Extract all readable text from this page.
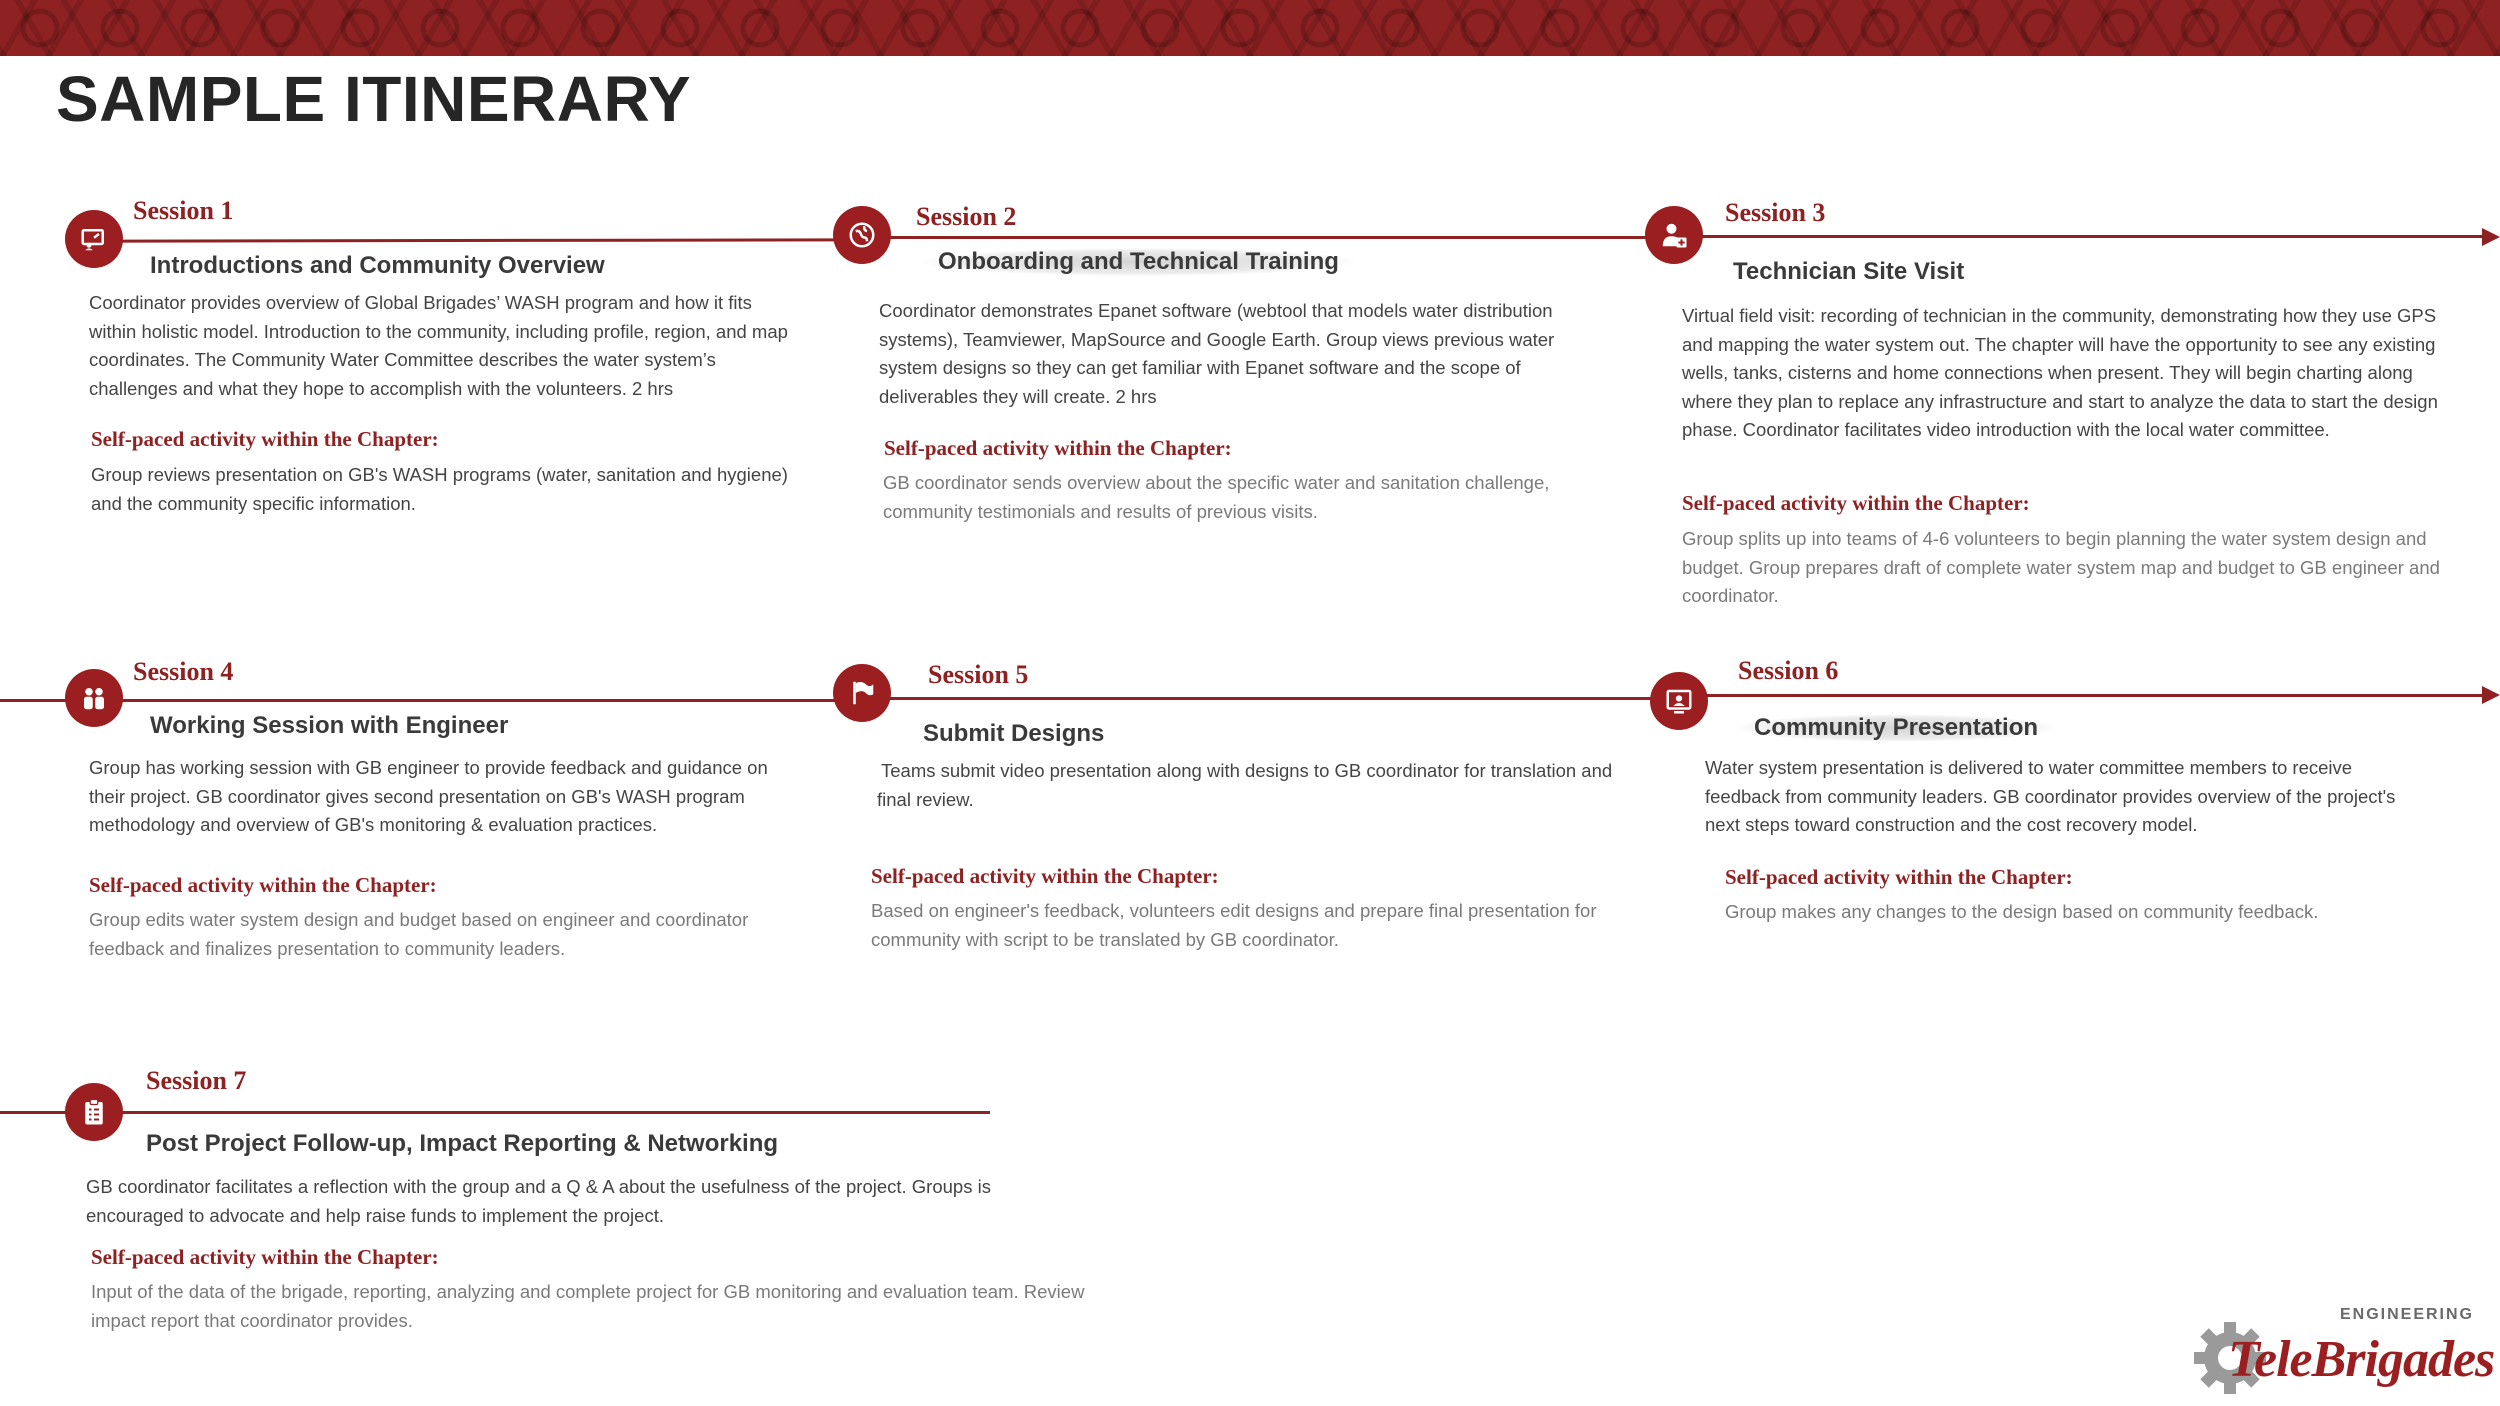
SAMPLE ITINERARY
Session 1
Introductions and Community Overview

Coordinator provides overview of Global Brigades’ WASH program and how it fits within holistic model. Introduction to the community, including profile, region, and map coordinates. The Community Water Committee describes the water system’s challenges and what they hope to accomplish with the volunteers. 2 hrs

Self-paced activity within the Chapter:

Group reviews presentation on GB's WASH programs (water, sanitation and hygiene) and the community specific information.

Session 2
Onboarding and Technical Training

Coordinator demonstrates Epanet software (webtool that models water distribution systems), Teamviewer, MapSource and Google Earth. Group views previous water system designs so they can get familiar with Epanet software and the scope of deliverables they will create. 2 hrs

Self-paced activity within the Chapter:

GB coordinator sends overview about the specific water and sanitation challenge, community testimonials and results of previous visits.

Session 3
Technician Site Visit

Virtual field visit: recording of technician in the community, demonstrating how they use GPS and mapping the water system out. The chapter will have the opportunity to see any existing wells, tanks, cisterns and home connections when present. They will begin charting along where they plan to replace any infrastructure and start to analyze the data to start the design phase. Coordinator facilitates video introduction with the local water committee.

Self-paced activity within the Chapter:

Group splits up into teams of 4-6 volunteers to begin planning the water system design and budget. Group prepares draft of complete water system map and budget to GB engineer and coordinator.

Session 4
Working Session with Engineer

Group has working session with GB engineer to provide feedback and guidance on their project. GB coordinator gives second presentation on GB's WASH program methodology and overview of GB's monitoring & evaluation practices.

Self-paced activity within the Chapter:

Group edits water system design and budget based on engineer and coordinator feedback and finalizes presentation to community leaders.

Session 5
Submit Designs

Teams submit video presentation along with designs to GB coordinator for translation and final review.

Self-paced activity within the Chapter:

Based on engineer's feedback, volunteers edit designs and prepare final presentation for community with script to be translated by GB coordinator.

Session 6
Community Presentation

Water system presentation is delivered to water committee members to receive feedback from community leaders. GB coordinator provides overview of the project's next steps toward construction and the cost recovery model.

Self-paced activity within the Chapter:

Group makes any changes to the design based on community feedback.

Session 7
Post Project Follow-up, Impact Reporting & Networking

GB coordinator facilitates a reflection with the group and a Q & A about the usefulness of the project. Groups is encouraged to advocate and help raise funds to implement the project.

Self-paced activity within the Chapter:

Input of the data of the brigade, reporting, analyzing and complete project for GB monitoring and evaluation team. Review impact report that coordinator provides.	ENGINEERING
TeleBrigades
